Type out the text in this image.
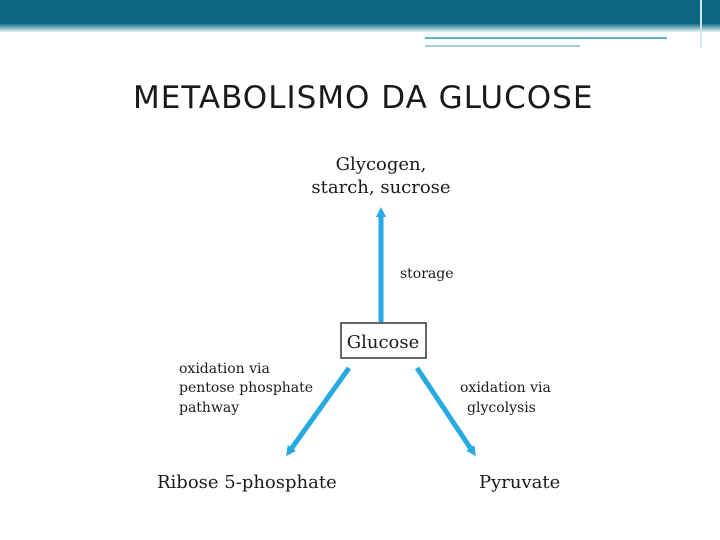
METABOLISMO DA GLUCOSE
Glycogen,
starch, sucrose
storage
Glucose
oxidation via
pentose phosphate
pathway
oxidation via
glycolysis
Ribose 5-phosphate	Pyruvate
